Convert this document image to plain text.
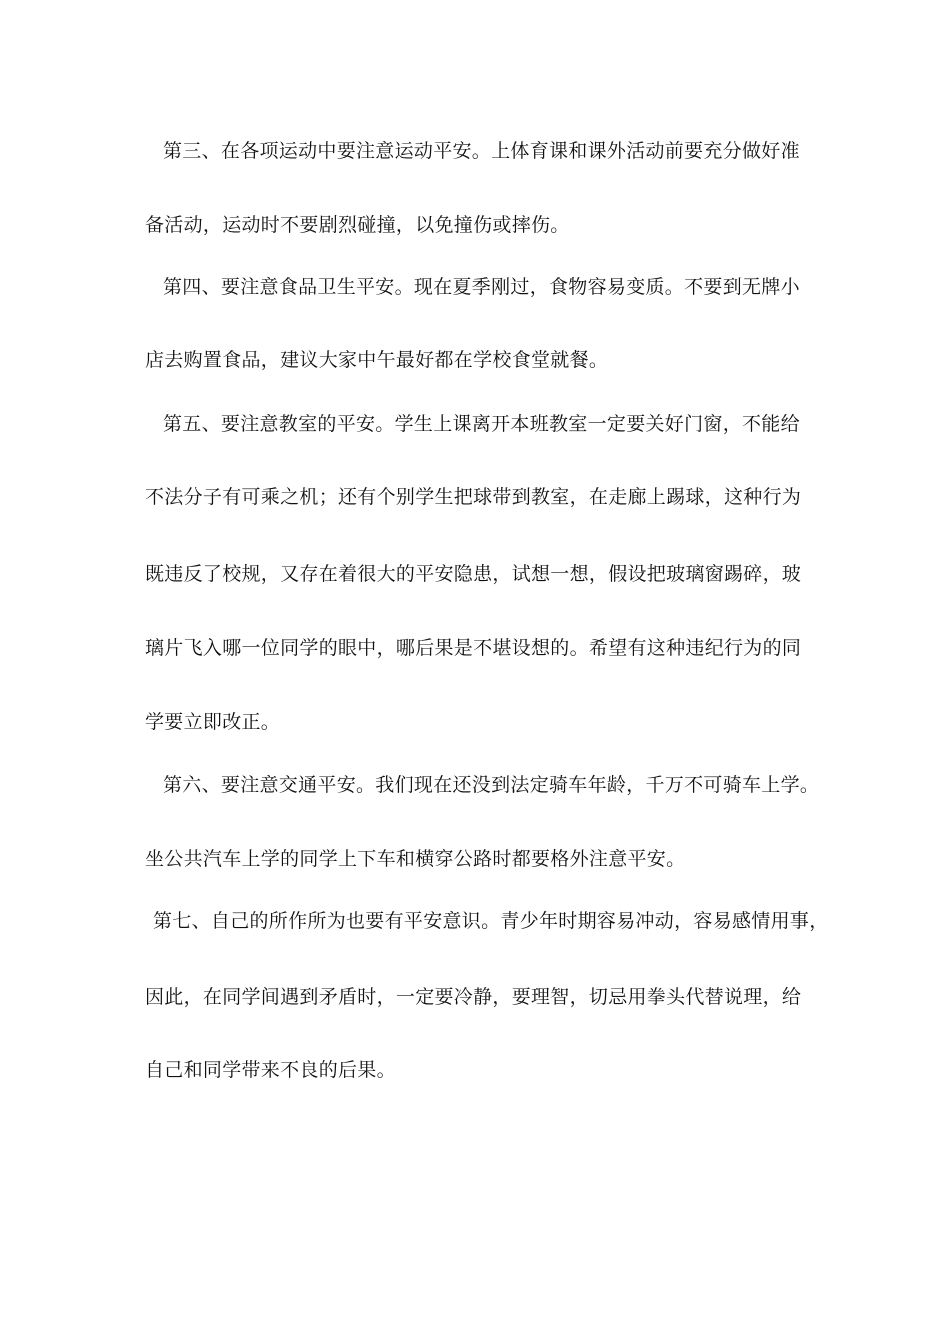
第三、在各项运动中要注意运动平安。上体育课和课外活动前要充分做好准
备活动，运动时不要剧烈碰撞，以免撞伤或摔伤。
第四、要注意食品卫生平安。现在夏季刚过，食物容易变质。不要到无牌小
店去购置食品，建议大家中午最好都在学校食堂就餐。
第五、要注意教室的平安。学生上课离开本班教室一定要关好门窗，不能给
不法分子有可乘之机；还有个别学生把球带到教室，在走廊上踢球，这种行为
既违反了校规，又存在着很大的平安隐患，试想一想，假设把玻璃窗踢碎，玻
璃片飞入哪一位同学的眼中，哪后果是不堪设想的。希望有这种违纪行为的同
学要立即改正。
第六、要注意交通平安。我们现在还没到法定骑车年龄，千万不可骑车上学。
坐公共汽车上学的同学上下车和横穿公路时都要格外注意平安。
第七、自己的所作所为也要有平安意识。青少年时期容易冲动，容易感情用事，
因此，在同学间遇到矛盾时，一定要冷静，要理智，切忌用拳头代替说理，给
自己和同学带来不良的后果。
